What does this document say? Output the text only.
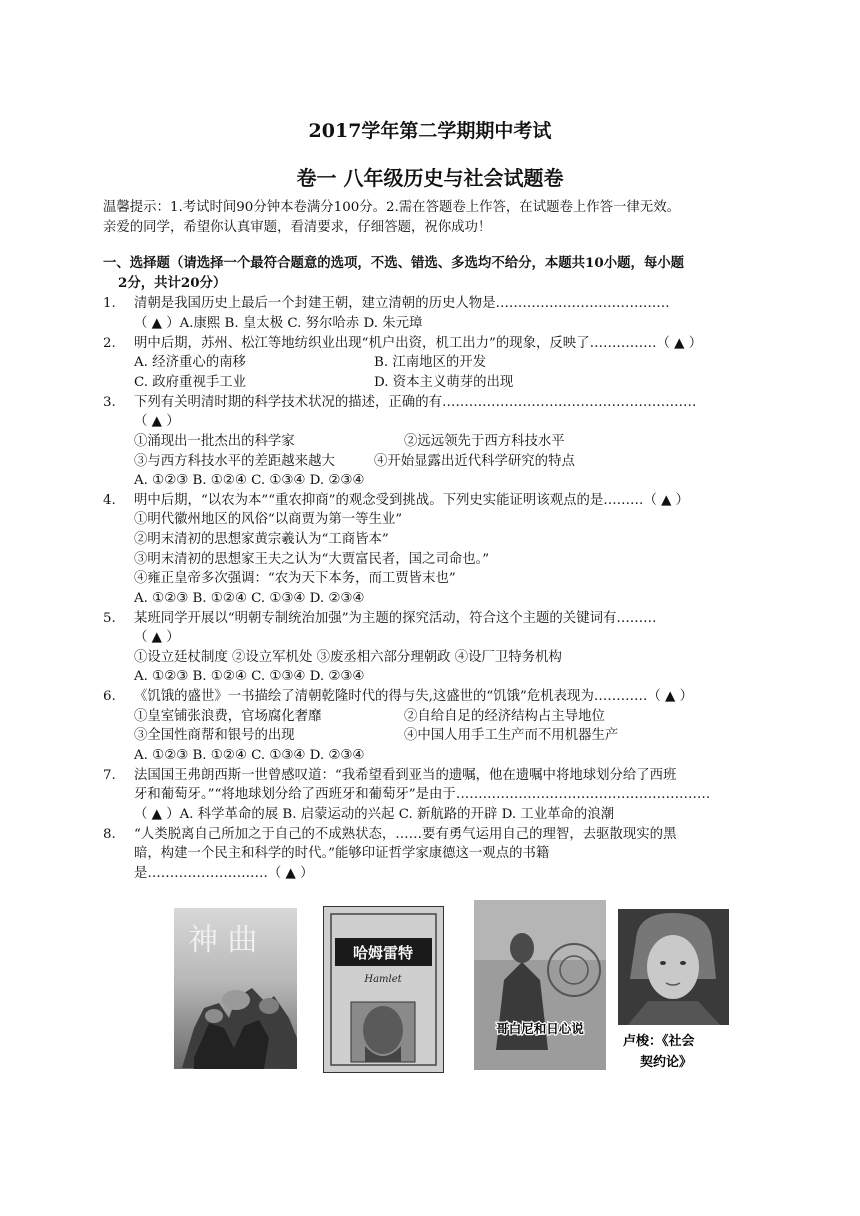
2017学年第二学期期中考试
卷一 八年级历史与社会试题卷
温馨提示：1.考试时间90分钟本卷满分100分。2.需在答题卷上作答，在试题卷上作答一律无效。
亲爱的同学，希望你认真审题，看清要求，仔细答题，祝你成功！
一、选择题（请选择一个最符合题意的选项，不选、错选、多选均不给分，本题共10小题，每小题
2分，共计20分）
1. 清朝是我国历史上最后一个封建王朝，建立清朝的历史人物是…………………………………
（ ▲ ）A.康熙 B. 皇太极 C. 努尔哈赤 D. 朱元璋
2. 明中后期，苏州、松江等地纺织业出现“机户出资，机工出力”的现象，反映了……………（ ▲ ）
A. 经济重心的南移	B. 江南地区的开发
C. 政府重视手工业	D. 资本主义萌芽的出现
3. 下列有关明清时期的科学技术状况的描述，正确的有…………………………………………………
（ ▲ ）
①涌现出一批杰出的科学家	②远远领先于西方科技水平
③与西方科技水平的差距越来越大	④开始显露出近代科学研究的特点
A. ①②③ B. ①②④ C. ①③④ D. ②③④
4. 明中后期，“以农为本”“重农抑商”的观念受到挑战。下列史实能证明该观点的是………（ ▲ ）
①明代徽州地区的风俗“以商贾为第一等生业”
②明末清初的思想家黄宗羲认为“工商皆本”
③明末清初的思想家王夫之认为“大贾富民者，国之司命也。”
④雍正皇帝多次强调：“农为天下本务，而工贾皆末也”
A. ①②③ B. ①②④ C. ①③④ D. ②③④
5. 某班同学开展以“明朝专制统治加强”为主题的探究活动，符合这个主题的关键词有………
（ ▲ ）
①设立廷杖制度 ②设立军机处 ③废丞相六部分理朝政 ④设厂卫特务机构
A. ①②③ B. ①②④ C. ①③④ D. ②③④
6. 《饥饿的盛世》一书描绘了清朝乾隆时代的得与失,这盛世的“饥饿”危机表现为…………（ ▲ ）
①皇室铺张浪费，官场腐化奢靡	②自给自足的经济结构占主导地位
③全国性商帮和银号的出现	④中国人用手工生产而不用机器生产
A. ①②③ B. ①②④ C. ①③④ D. ②③④
7. 法国国王弗朗西斯一世曾感叹道：“我希望看到亚当的遗嘱，他在遗嘱中将地球划分给了西班
牙和葡萄牙。”“将地球划分给了西班牙和葡萄牙”是由于…………………………………………………
（ ▲ ）A. 科学革命的展 B. 启蒙运动的兴起 C. 新航路的开辟 D. 工业革命的浪潮
8. “人类脱离自己所加之于自己的不成熟状态，……要有勇气运用自己的理智，去驱散现实的黑
暗，构建一个民主和科学的时代。”能够印证哲学家康德这一观点的书籍
是………………………（ ▲ ）
神 曲	哈姆雷特
Hamlet
哥白尼和日心说
卢梭：《社会
契约论》
